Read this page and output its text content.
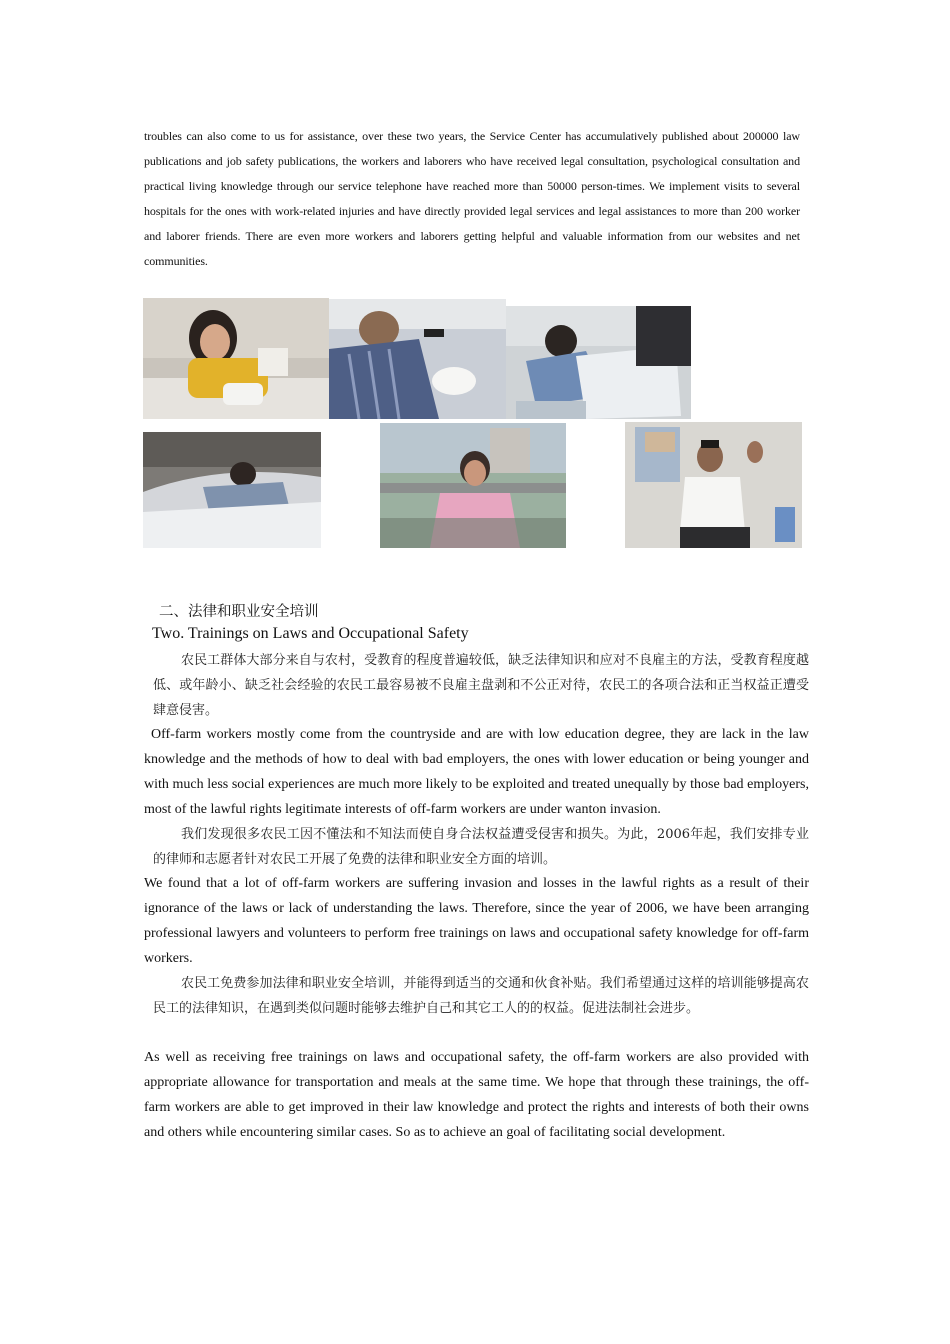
troubles can also come to us for assistance, over these two years, the Service Center has accumulatively published about 200000 law publications and job safety publications, the workers and laborers who have received legal consultation, psychological consultation and practical living knowledge through our service telephone have reached more than 50000 person-times. We implement visits to several hospitals for the ones with work-related injuries and have directly provided legal services and legal assistances to more than 200 worker and laborer friends. There are even more workers and laborers getting helpful and valuable information from our websites and net communities.

二、法律和职业安全培训
Two. Trainings on Laws and Occupational Safety

农民工群体大部分来自与农村，受教育的程度普遍较低，缺乏法律知识和应对不良雇主的方法，受教育程度越低、或年龄小、缺乏社会经验的农民工最容易被不良雇主盘剥和不公正对待，农民工的各项合法和正当权益正遭受肆意侵害。

Off-farm workers mostly come from the countryside and are with low education degree, they are lack in the law knowledge and the methods of how to deal with bad employers, the ones with lower education or being younger and with much less social experiences are much more likely to be exploited and treated unequally by those bad employers, most of the lawful rights legitimate interests of off-farm workers are under wanton invasion.

我们发现很多农民工因不懂法和不知法而使自身合法权益遭受侵害和损失。为此，2006年起，我们安排专业的律师和志愿者针对农民工开展了免费的法律和职业安全方面的培训。

We found that a lot of off-farm workers are suffering invasion and losses in the lawful rights as a result of their ignorance of the laws or lack of understanding the laws. Therefore, since the year of 2006, we have been arranging professional lawyers and volunteers to perform free trainings on laws and occupational safety knowledge for off-farm workers.

农民工免费参加法律和职业安全培训，并能得到适当的交通和伙食补贴。我们希望通过这样的培训能够提高农民工的法律知识，在遇到类似问题时能够去维护自己和其它工人的的权益。促进法制社会进步。

As well as receiving free trainings on laws and occupational safety, the off-farm workers are also provided with appropriate allowance for transportation and meals at the same time. We hope that through these trainings, the off-farm workers are able to get improved in their law knowledge and protect the rights and interests of both their owns and others while encountering similar cases. So as to achieve an goal of facilitating social development.
